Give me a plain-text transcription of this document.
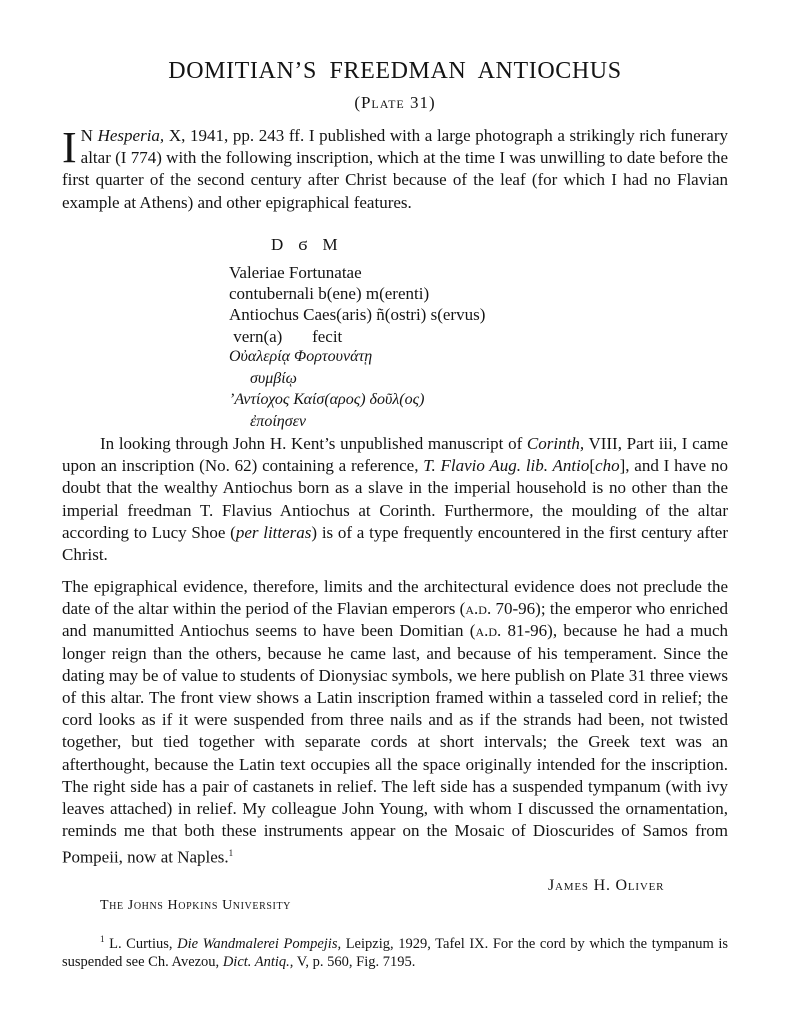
DOMITIAN’S FREEDMAN ANTIOCHUS
(Plate 31)

I N Hesperia, X, 1941, pp. 243 ff. I published with a large photograph a strikingly rich funerary altar (I 774) with the following inscription, which at the time I was unwilling to date before the first quarter of the second century after Christ because of the leaf (for which I had no Flavian example at Athens) and other epigraphical features.

D ϭ M
Valeriae Fortunatae
contubernali b(ene) m(erenti)
Antiochus Caes(aris) ñ(ostri) s(ervus)
vern(a)       fecit
Οὐαλερίᾳ Φορτουνάτῃ
συμβίῳ
’Αντίοχος Καίσ(αρος) δοῦλ(ος)
ἐποίησεν

In looking through John H. Kent’s unpublished manuscript of Corinth, VIII, Part iii, I came upon an inscription (No. 62) containing a reference, T. Flavio Aug. lib. Antio[cho], and I have no doubt that the wealthy Antiochus born as a slave in the imperial household is no other than the imperial freedman T. Flavius Antiochus at Corinth. Furthermore, the moulding of the altar according to Lucy Shoe (per litteras) is of a type frequently encountered in the first century after Christ.

The epigraphical evidence, therefore, limits and the architectural evidence does not preclude the date of the altar within the period of the Flavian emperors (a.d. 70-96); the emperor who enriched and manumitted Antiochus seems to have been Domitian (a.d. 81-96), because he had a much longer reign than the others, because he came last, and because of his temperament. Since the dating may be of value to students of Dionysiac symbols, we here publish on Plate 31 three views of this altar. The front view shows a Latin inscription framed within a tasseled cord in relief; the cord looks as if it were suspended from three nails and as if the strands had been, not twisted together, but tied together with separate cords at short intervals; the Greek text was an afterthought, because the Latin text occupies all the space originally intended for the inscription. The right side has a pair of castanets in relief. The left side has a suspended tympanum (with ivy leaves attached) in relief. My colleague John Young, with whom I discussed the ornamentation, reminds me that both these instruments appear on the Mosaic of Dioscurides of Samos from Pompeii, now at Naples.$^1$

James H. Oliver
The Johns Hopkins University
$^1$ L. Curtius, Die Wandmalerei Pompejis, Leipzig, 1929, Tafel IX. For the cord by which the tympanum is suspended see Ch. Avezou, Dict. Antiq., V, p. 560, Fig. 7195.
